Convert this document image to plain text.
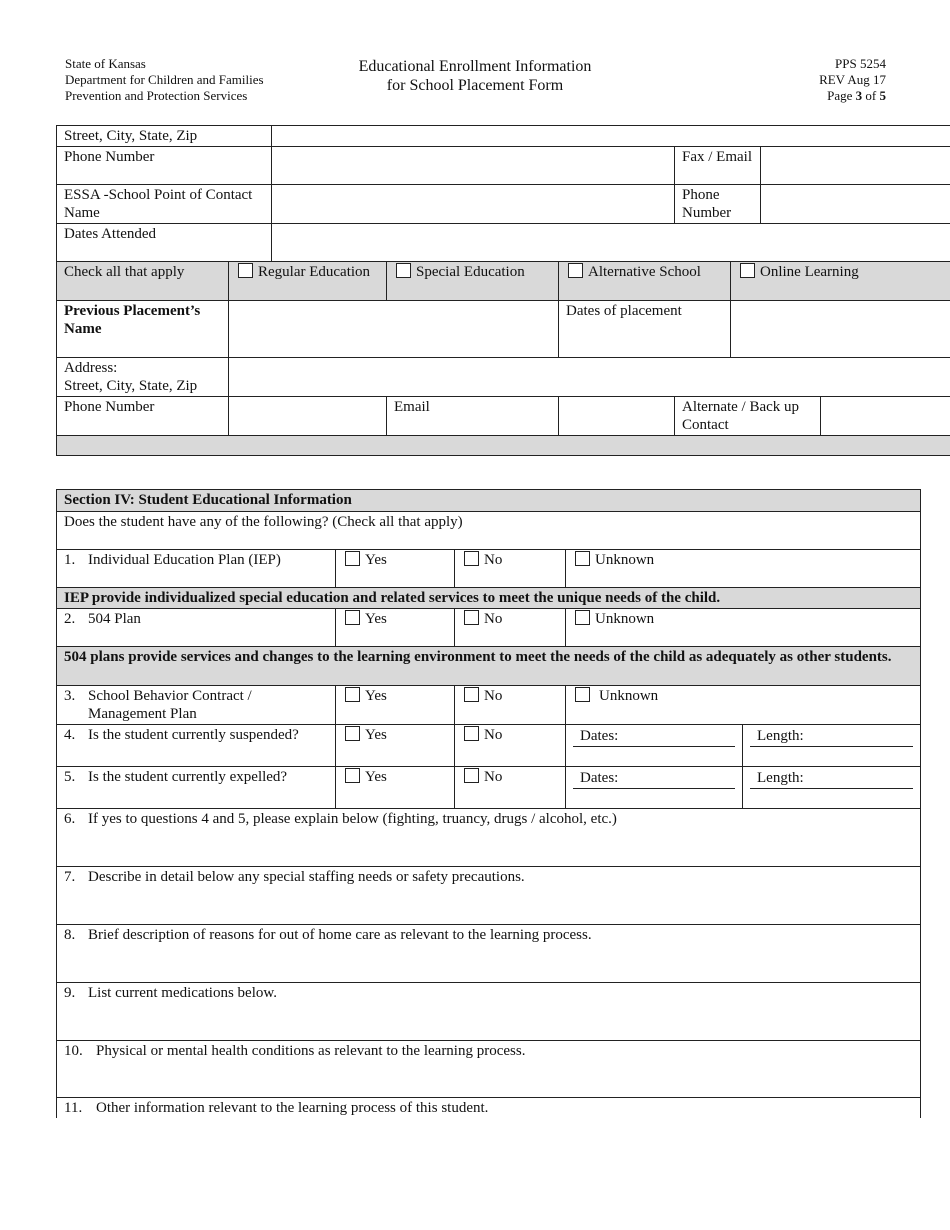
State of Kansas
Department for Children and Families
Prevention and Protection Services
Educational Enrollment Information
for School Placement Form
PPS 5254
REV Aug 17
Page 3 of 5
Street, City, State, Zip								
Phone Number					Fax / Email			
ESSA -School Point of Contact Name					Phone Number			
Dates Attended								
Check all that apply	Regular Education		Special Education	Alternative School		Online Learning		
Previous Placement’s Name				Dates of placement				

Address:
Street, City, State, Zip								

Phone Number			Email		Alternate / Back up Contact			

Section IV: Student Educational Information				
Does the student have any of the following? (Check all that apply)				
1. Individual Education Plan (IEP)	Yes	No	Unknown	
IEP provide individualized special education and related services to meet the unique needs of the child.				
2. 504 Plan	Yes	No	Unknown	
504 plans provide services and changes to the learning environment to meet the needs of the child as adequately as other students.				

3. School Behavior Contract / Management Plan	Yes	No	Unknown	
4. Is the student currently suspended?	Yes	No	Dates:	Length:

5. Is the student currently expelled?	Yes	No	Dates:	Length:

6. If yes to questions 4 and 5, please explain below (fighting, truancy, drugs / alcohol, etc.)				
7. Describe in detail below any special staffing needs or safety precautions.				
8. Brief description of reasons for out of home care as relevant to the learning process.				
9. List current medications below.				
10. Physical or mental health conditions as relevant to the learning process.				
11. Other information relevant to the learning process of this student.				
